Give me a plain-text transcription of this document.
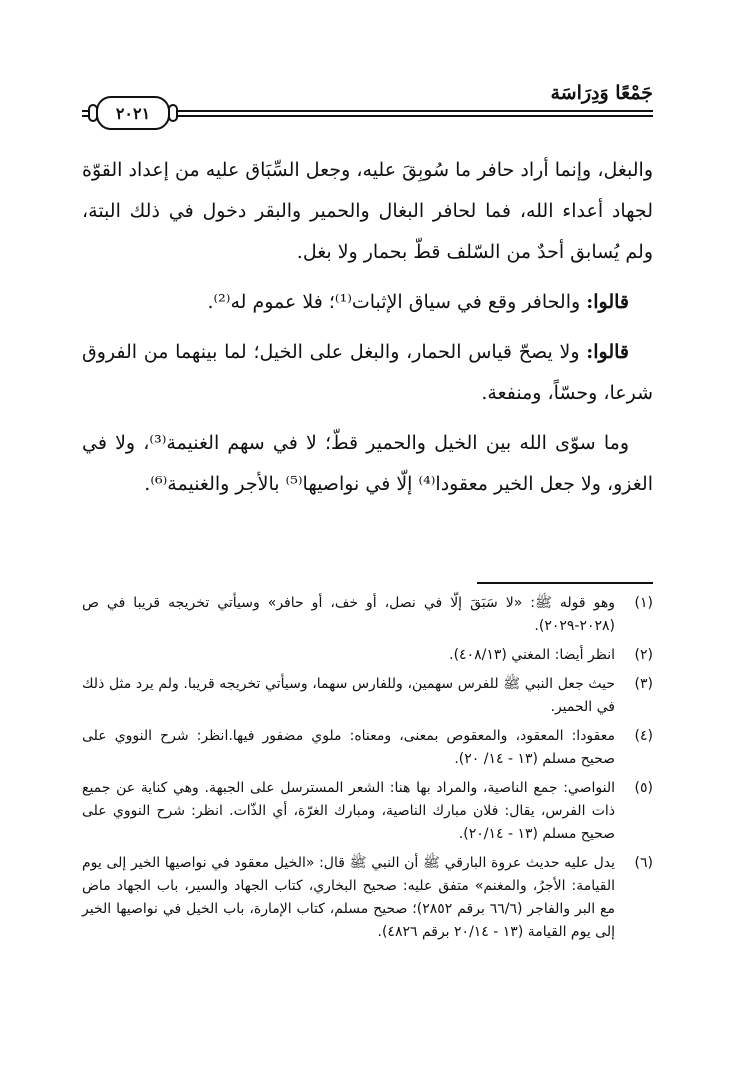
جَمْعًا وَدِرَاسَة
٢٠٢١

والبغل، وإنما أراد حافر ما سُوبِقَ عليه، وجعل السِّبَاق عليه من إعداد القوّة لجهاد أعداء الله، فما لحافر البغال والحمير والبقر دخول في ذلك البتة، ولم يُسابق أحدٌ من السّلف قطّ بحمار ولا بغل.

قالوا: والحافر وقع في سياق الإثبات⁽¹⁾؛ فلا عموم له⁽²⁾.

قالوا: ولا يصحّ قياس الحمار، والبغل على الخيل؛ لما بينهما من الفروق شرعا، وحسّاً، ومنفعة.

وما سوّى الله بين الخيل والحمير قطّ؛ لا في سهم الغنيمة⁽³⁾، ولا في الغزو، ولا جعل الخير معقودا⁽⁴⁾ إلّا في نواصيها⁽⁵⁾ بالأجر والغنيمة⁽⁶⁾.

(١)
وهو قوله ﷺ: «لا سَبَقَ إلّا في نصل، أو خف، أو حافر» وسيأتي تخريجه قريبا في ص (٢٠٢٨-٢٠٢٩).
(٢)
انظر أيضا: المغني (٤٠٨/١٣).
(٣)
حيث جعل النبي ﷺ للفرس سهمين، وللفارس سهما، وسيأتي تخريجه قريبا. ولم يرد مثل ذلك في الحمير.
(٤)
معقودا: المعقود، والمعقوص بمعنى، ومعناه: ملوي مضفور فيها.انظر: شرح النووي على صحيح مسلم (١٣ - ١٤/ ٢٠).
(٥)
النواصي: جمع الناصية، والمراد بها هنا: الشعر المسترسل على الجبهة. وهي كناية عن جميع ذات الفرس، يقال: فلان مبارك الناصية، ومبارك الغرّة، أي الذّات. انظر: شرح النووي على صحيح مسلم (١٣ - ٢٠/١٤).
(٦)
يدل عليه حديث عروة البارقي ﷺ أن النبي ﷺ قال: «الخيل معقود في نواصيها الخير إلى يوم القيامة: الأجرُ، والمغنم» متفق عليه: صحيح البخاري، كتاب الجهاد والسير، باب الجهاد ماض مع البر والفاجر (٦٦/٦ برقم ٢٨٥٢)؛ صحيح مسلم، كتاب الإمارة، باب الخيل في نواصيها الخير إلى يوم القيامة (١٣ - ٢٠/١٤ برقم ٤٨٢٦).
